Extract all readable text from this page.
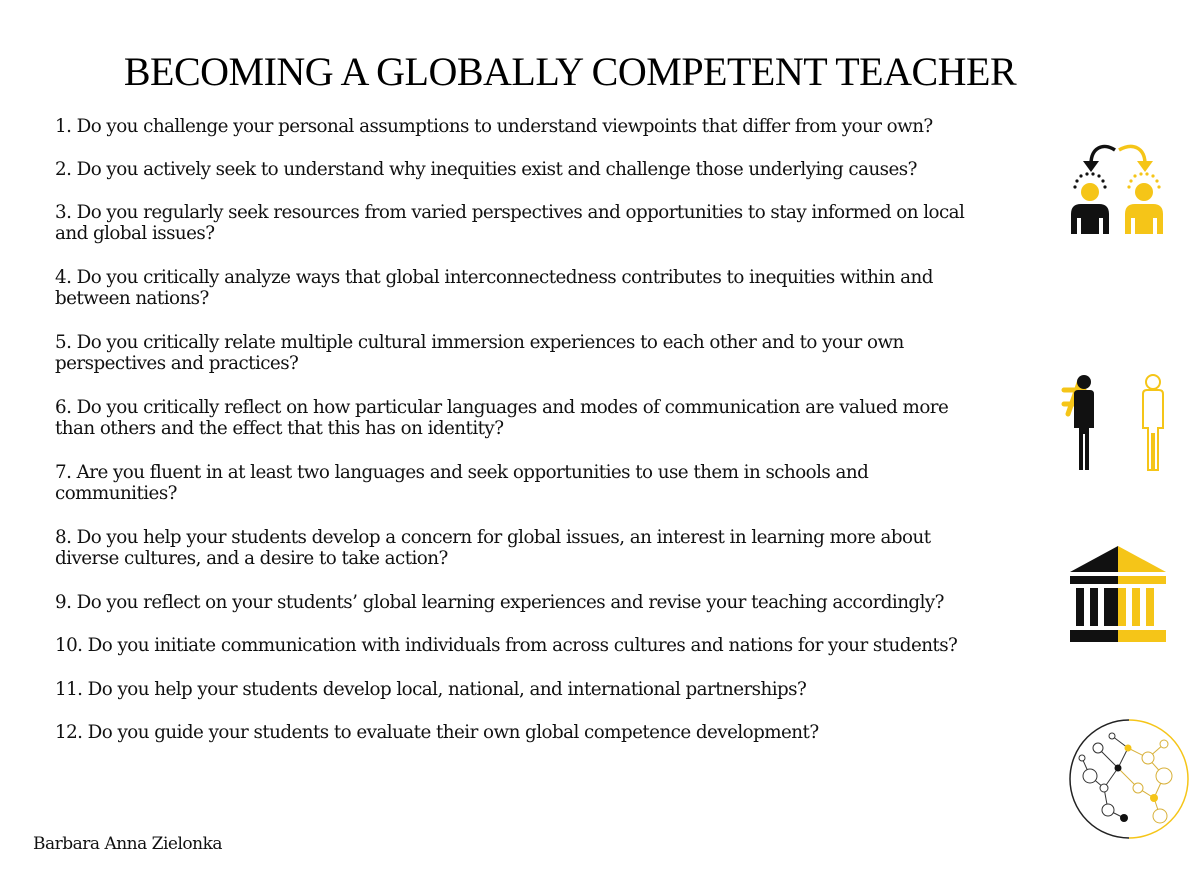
BECOMING A GLOBALLY COMPETENT TEACHER
1. Do you challenge your personal assumptions to understand viewpoints that differ from your own?
2. Do you actively seek to understand why inequities exist and challenge those underlying causes?
3. Do you regularly seek resources from varied perspectives and opportunities to stay informed on local and global issues?
4. Do you critically analyze ways that global interconnectedness contributes to inequities within and between nations?
5. Do you critically relate multiple cultural immersion experiences to each other and to your own perspectives and practices?
6. Do you critically reflect on how particular languages and modes of communication are valued more than others and the effect that this has on identity?
7. Are you fluent in at least two languages and seek opportunities to use them in schools and communities?
8. Do you help your students develop a concern for global issues, an interest in learning more about diverse cultures, and a desire to take action?
9. Do you reflect on your students’ global learning experiences and revise your teaching accordingly?
10. Do you initiate communication with individuals from across cultures and nations for your students?
11. Do you help your students develop local, national, and international partnerships?
12. Do you guide your students to evaluate their own global competence development?
Barbara Anna Zielonka
